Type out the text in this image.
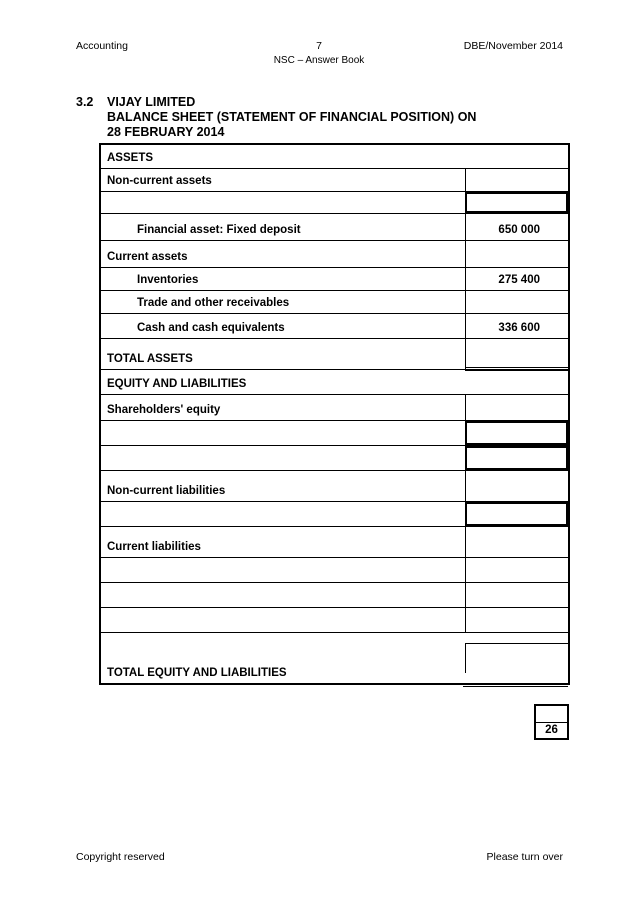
Accounting	7	DBE/November 2014
NSC – Answer Book
3.2 VIJAY LIMITED
BALANCE SHEET (STATEMENT OF FINANCIAL POSITION) ON
28 FEBRUARY 2014
ASSETS
Non-current assets
Financial asset: Fixed deposit	650 000
Current assets
Inventories	275 400
Trade and other receivables
Cash and cash equivalents	336 600
TOTAL ASSETS
EQUITY AND LIABILITIES
Shareholders' equity
Non-current liabilities
Current liabilities
TOTAL EQUITY AND LIABILITIES
26
Copyright reserved	Please turn over
